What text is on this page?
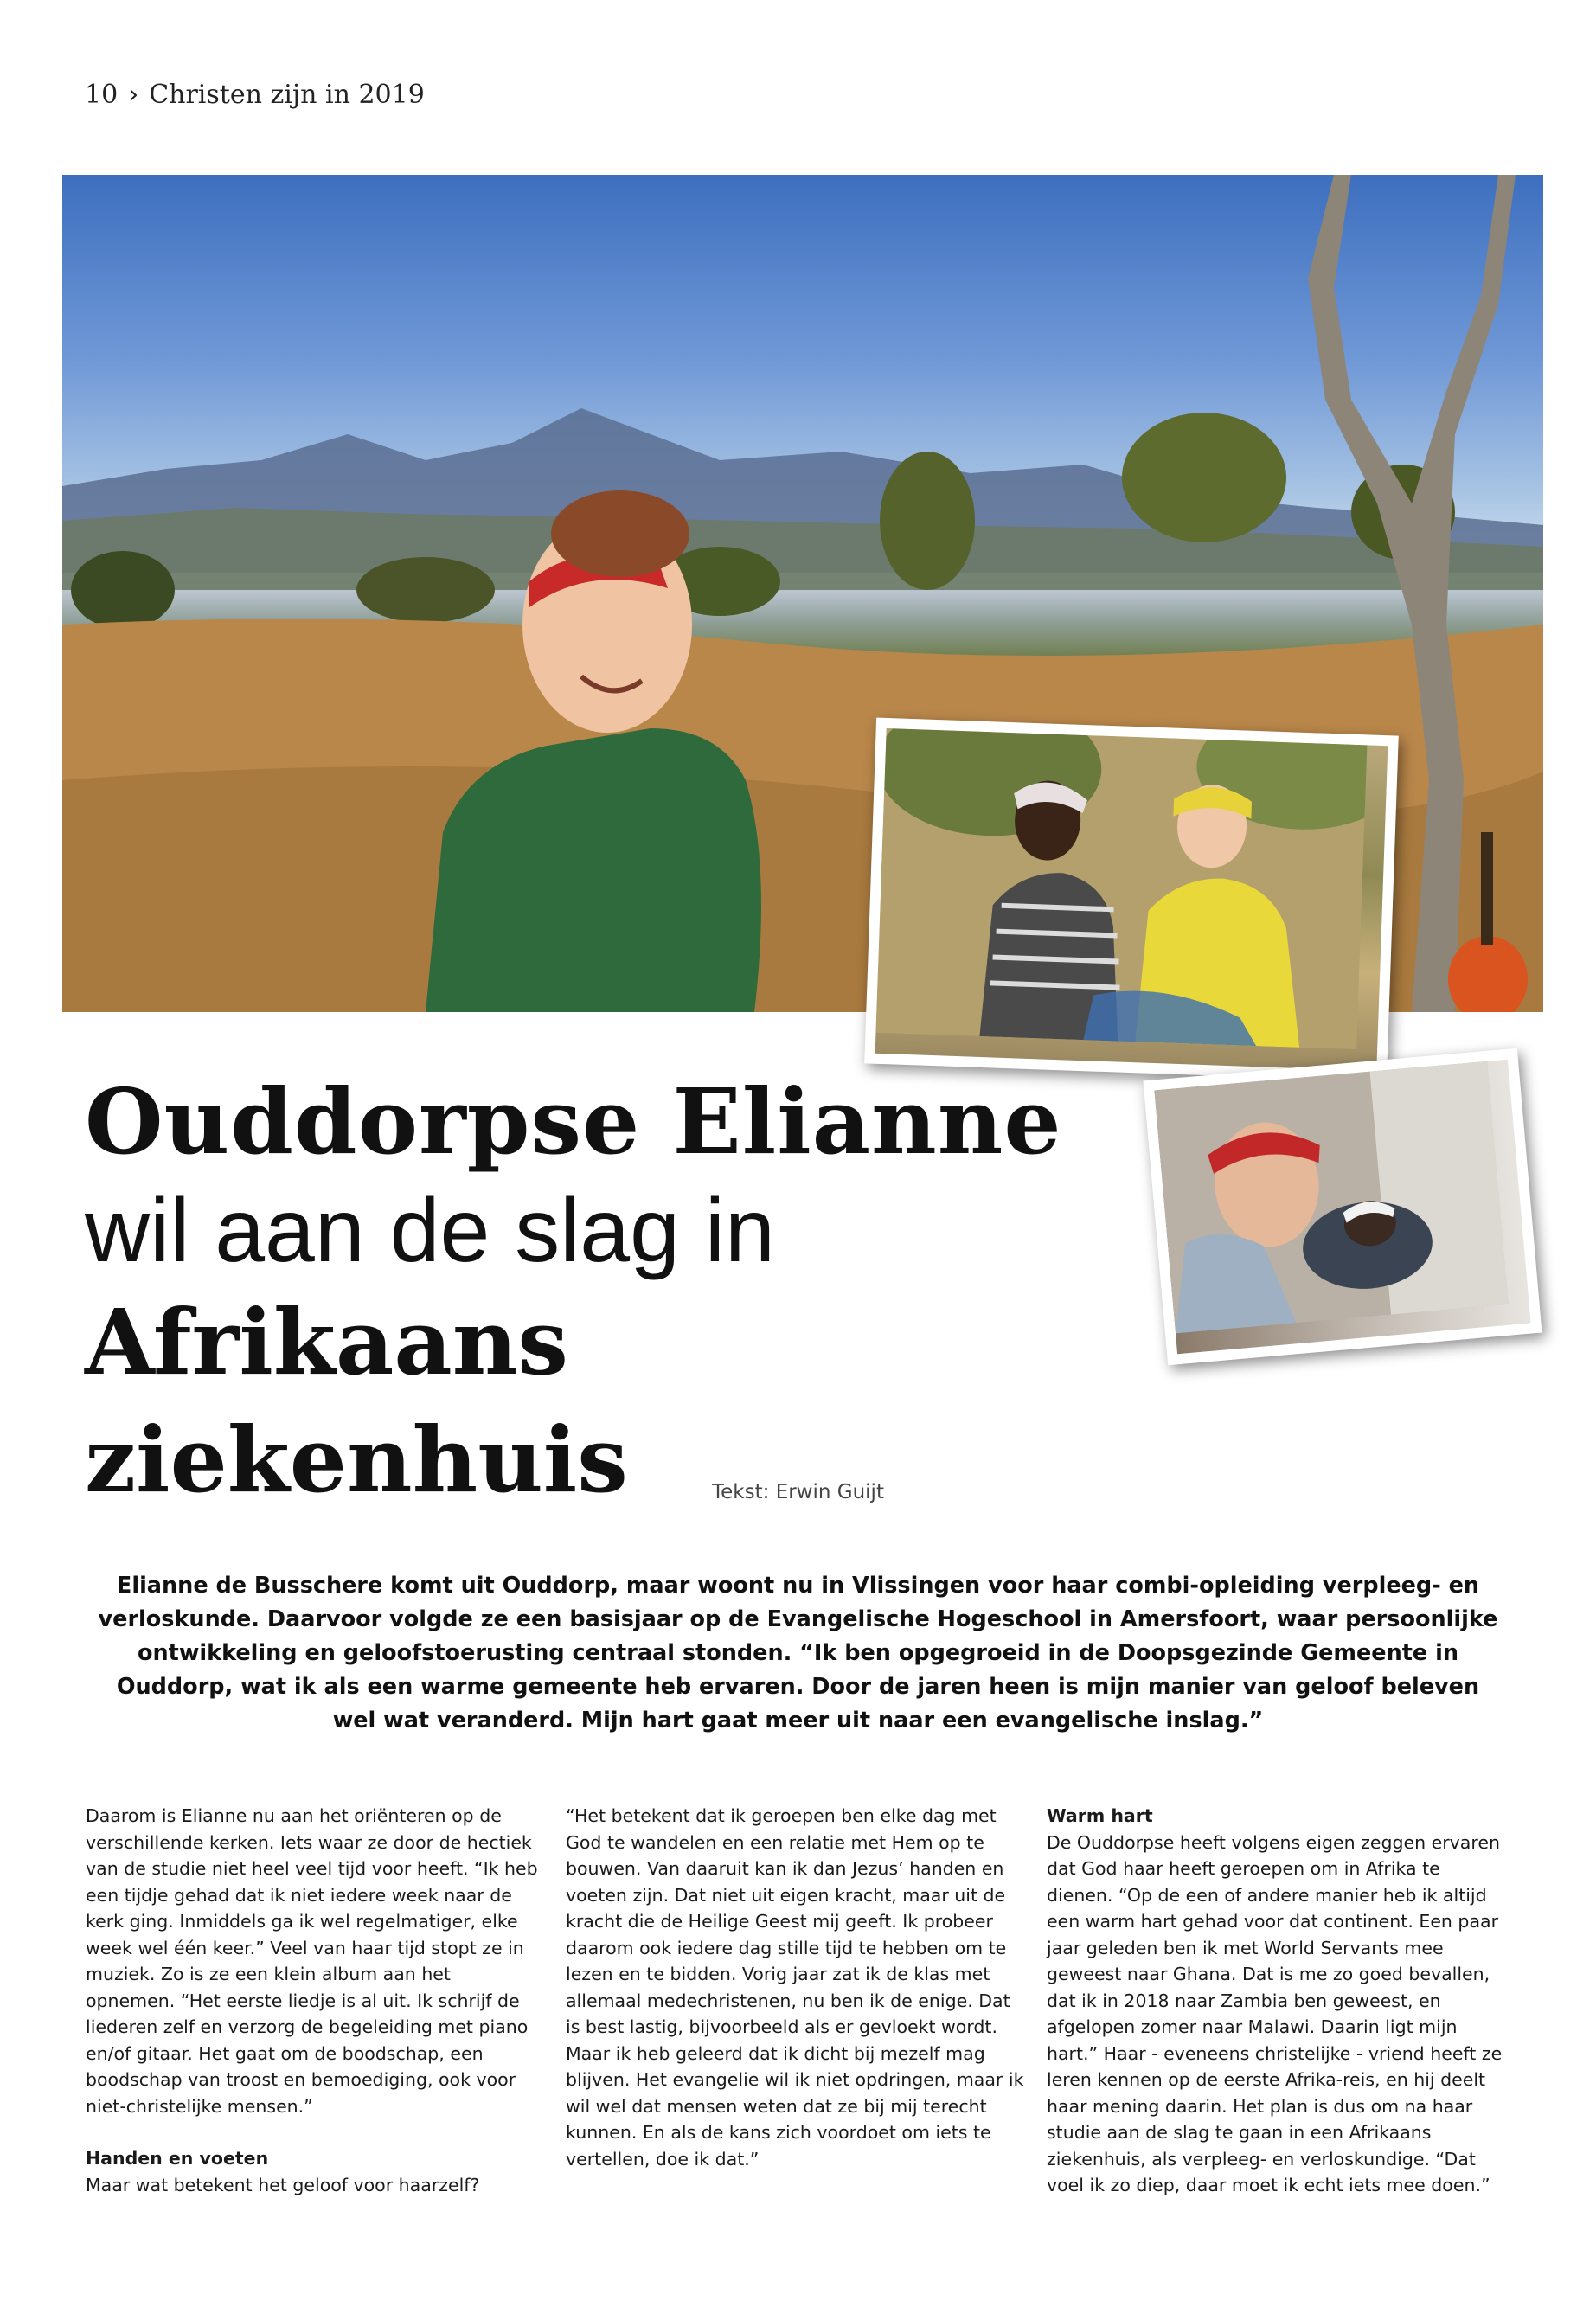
10 › Christen zijn in 2019
Ouddorpse Elianne
wil aan de slag in
Afrikaans ziekenhuis	Tekst: Erwin Guijt
Elianne de Busschere komt uit Ouddorp, maar woont nu in Vlissingen voor haar combi-opleiding verpleeg- en verloskunde. Daarvoor volgde ze een basisjaar op de Evangelische Hogeschool in Amersfoort, waar persoonlijke ontwikkeling en geloofstoerusting centraal stonden. “Ik ben opgegroeid in de Doopsgezinde Gemeente in Ouddorp, wat ik als een warme gemeente heb ervaren. Door de jaren heen is mijn manier van geloof beleven wel wat veranderd. Mijn hart gaat meer uit naar een evangelische inslag.”

Daarom is Elianne nu aan het oriënteren op de verschillende kerken. Iets waar ze door de hectiek van de studie niet heel veel tijd voor heeft. “Ik heb een tijdje gehad dat ik niet iedere week naar de kerk ging. Inmiddels ga ik wel regelmatiger, elke week wel één keer.” Veel van haar tijd stopt ze in muziek. Zo is ze een klein album aan het opnemen. “Het eerste liedje is al uit. Ik schrijf de liederen zelf en verzorg de begeleiding met piano en/of gitaar. Het gaat om de boodschap, een boodschap van troost en bemoediging, ook voor niet-christelijke mensen.”

Handen en voeten

Maar wat betekent het geloof voor haarzelf?

“Het betekent dat ik geroepen ben elke dag met God te wandelen en een relatie met Hem op te bouwen. Van daaruit kan ik dan Jezus’ handen en voeten zijn. Dat niet uit eigen kracht, maar uit de kracht die de Heilige Geest mij geeft. Ik probeer daarom ook iedere dag stille tijd te hebben om te lezen en te bidden. Vorig jaar zat ik de klas met allemaal medechristenen, nu ben ik de enige. Dat is best lastig, bijvoorbeeld als er gevloekt wordt. Maar ik heb geleerd dat ik dicht bij mezelf mag blijven. Het evangelie wil ik niet opdringen, maar ik wil wel dat mensen weten dat ze bij mij terecht kunnen. En als de kans zich voordoet om iets te vertellen, doe ik dat.”

Warm hart

De Ouddorpse heeft volgens eigen zeggen ervaren dat God haar heeft geroepen om in Afrika te dienen. “Op de een of andere manier heb ik altijd een warm hart gehad voor dat continent. Een paar jaar geleden ben ik met World Servants mee geweest naar Ghana. Dat is me zo goed bevallen, dat ik in 2018 naar Zambia ben geweest, en afgelopen zomer naar Malawi. Daarin ligt mijn hart.” Haar - eveneens christelijke - vriend heeft ze leren kennen op de eerste Afrika-reis, en hij deelt haar mening daarin. Het plan is dus om na haar studie aan de slag te gaan in een Afrikaans ziekenhuis, als verpleeg- en verloskundige. “Dat voel ik zo diep, daar moet ik echt iets mee doen.”
